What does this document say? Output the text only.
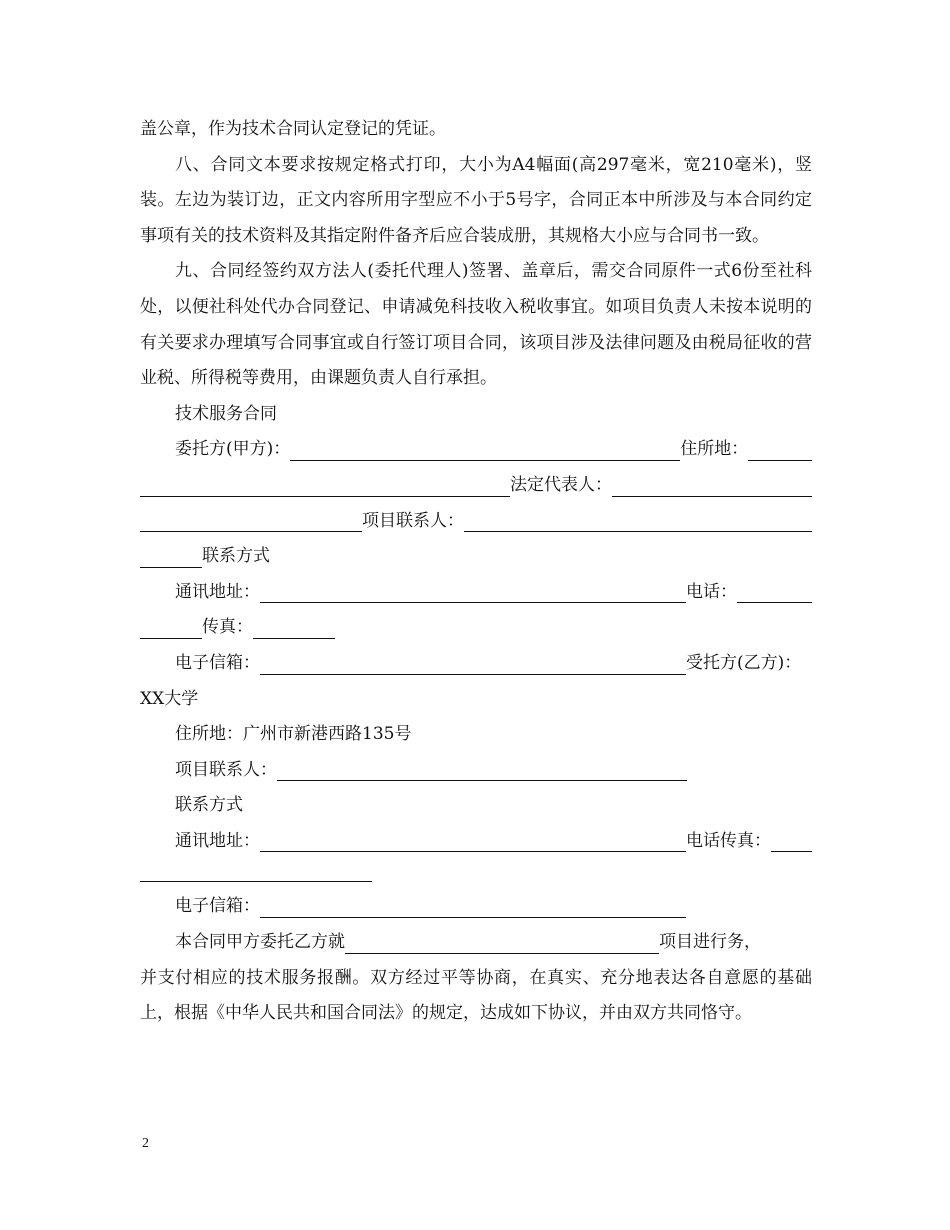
盖公章，作为技术合同认定登记的凭证。

八、合同文本要求按规定格式打印，大小为A4幅面(高297毫米，宽210毫米)，竖装。左边为装订边，正文内容所用字型应不小于5号字，合同正本中所涉及与本合同约定事项有关的技术资料及其指定附件备齐后应合装成册，其规格大小应与合同书一致。

九、合同经签约双方法人(委托代理人)签署、盖章后，需交合同原件一式6份至社科处，以便社科处代办合同登记、申请减免科技收入税收事宜。如项目负责人未按本说明的有关要求办理填写合同事宜或自行签订项目合同，该项目涉及法律问题及由税局征收的营业税、所得税等费用，由课题负责人自行承担。

技术服务合同
委托方(甲方)：	住所地：
法定代表人：
项目联系人：
联系方式
通讯地址：	电话：
传真：
电子信箱：	受托方(乙方)：
XX大学
住所地：广州市新港西路135号
项目联系人：
联系方式
通讯地址：	电话传真：
电子信箱：
本合同甲方委托乙方就	项目进行务，

并支付相应的技术服务报酬。双方经过平等协商，在真实、充分地表达各自意愿的基础上，根据《中华人民共和国合同法》的规定，达成如下协议，并由双方共同恪守。

2
